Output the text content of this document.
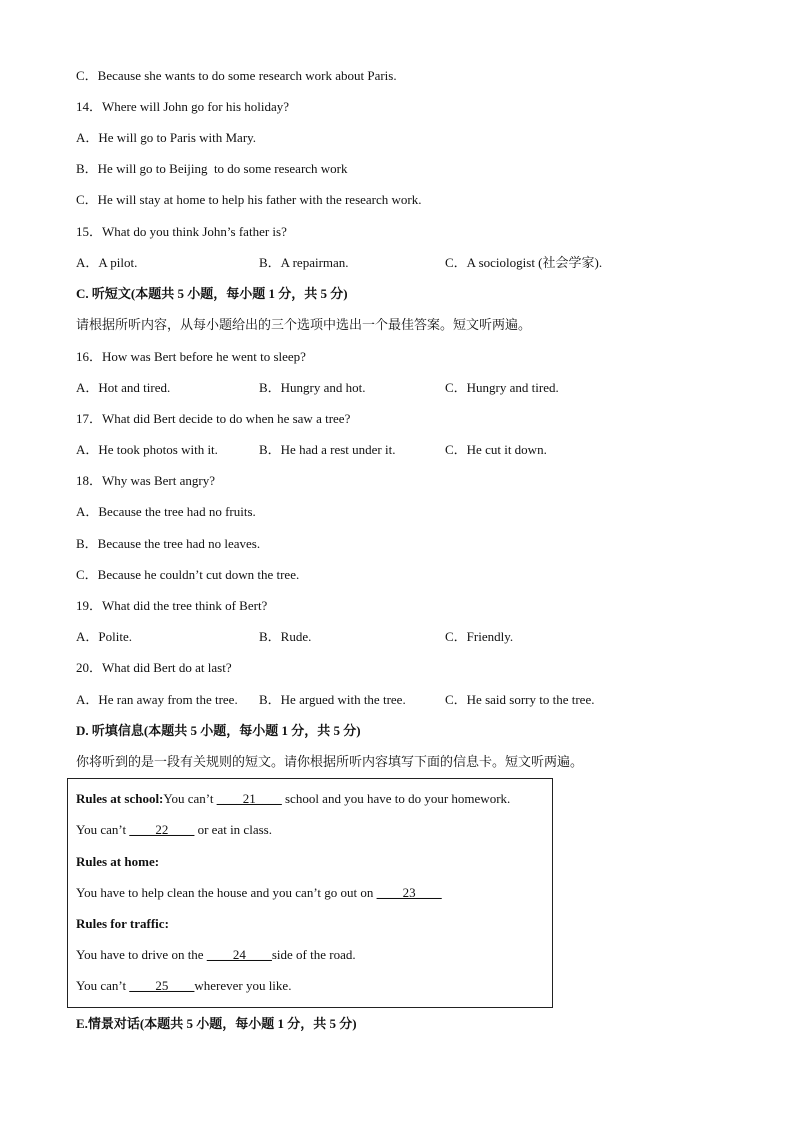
C．Because she wants to do some research work about Paris.
14．Where will John go for his holiday?
A．He will go to Paris with Mary.
B．He will go to Beijing  to do some research work
C．He will stay at home to help his father with the research work.
15．What do you think John’s father is?
A．A pilot.	B．A repairman.	C．A sociologist (社会学家).
C. 听短文(本题共 5 小题，每小题 1 分，共 5 分)
请根据所听内容，从每小题给出的三个选项中选出一个最佳答案。短文听两遍。
16．How was Bert before he went to sleep?
A．Hot and tired.	B．Hungry and hot.	C．Hungry and tired.
17．What did Bert decide to do when he saw a tree?
A．He took photos with it.	B．He had a rest under it.	C．He cut it down.
18．Why was Bert angry?
A．Because the tree had no fruits.
B．Because the tree had no leaves.
C．Because he couldn’t cut down the tree.
19．What did the tree think of Bert?
A．Polite.	B．Rude.	C．Friendly.
20．What did Bert do at last?
A．He ran away from the tree.	B．He argued with the tree.	C．He said sorry to the tree.
D. 听填信息(本题共 5 小题，每小题 1 分，共 5 分)
你将听到的是一段有关规则的短文。请你根据所听内容填写下面的信息卡。短文听两遍。
Rules at school:You can’t ____21____ school and you have to do your homework.
You can’t ____22____ or eat in class.
Rules at home:
You have to help clean the house and you can’t go out on ____23____
Rules for traffic:
You have to drive on the ____24____side of the road.
You can’t ____25____wherever you like.
E.情景对话(本题共 5 小题，每小题 1 分，共 5 分)
